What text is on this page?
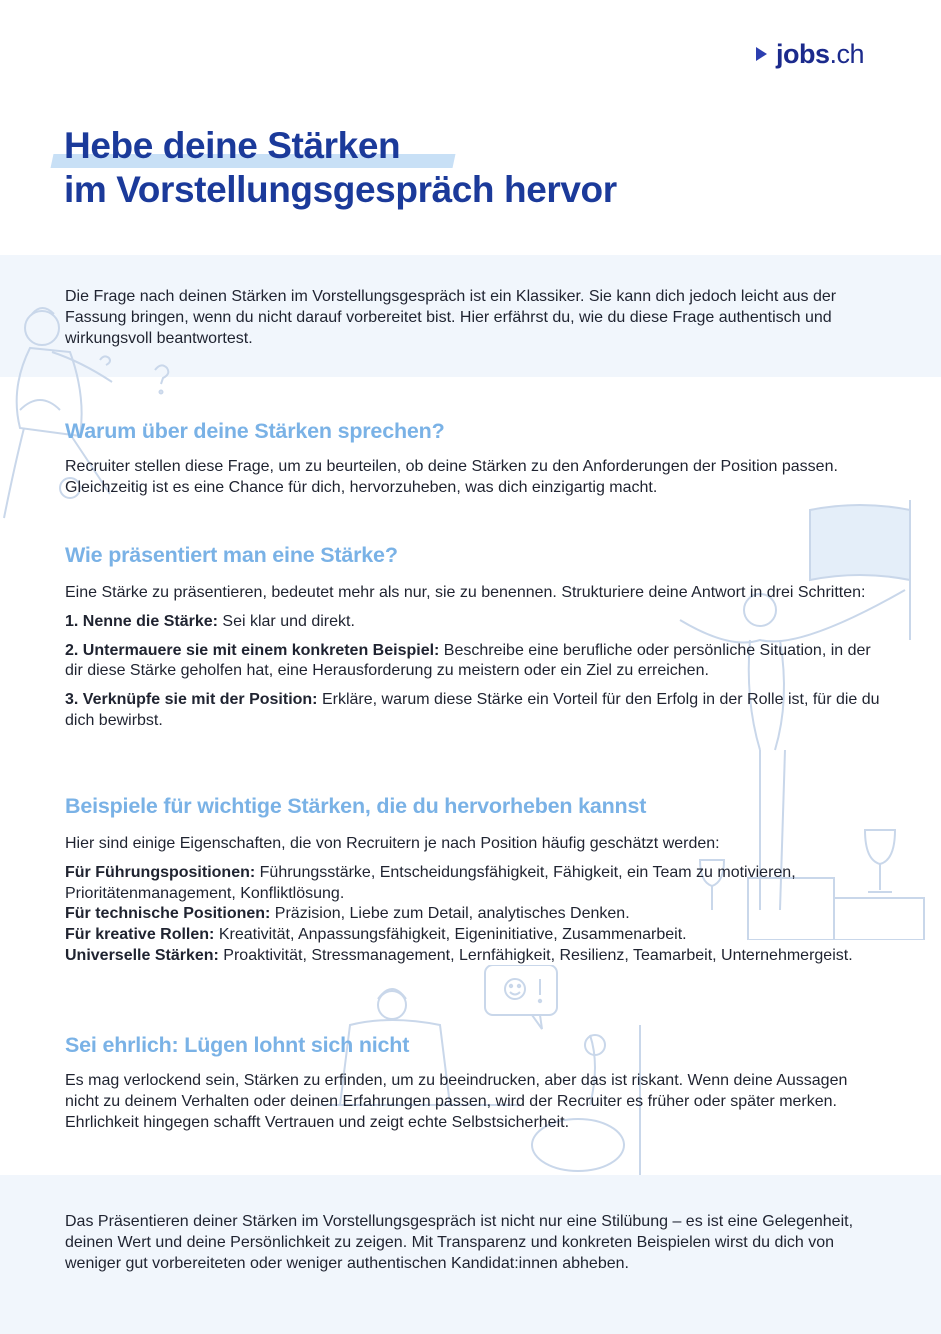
jobs.ch
Hebe deine Stärken
im Vorstellungsgespräch hervor

Die Frage nach deinen Stärken im Vorstellungsgespräch ist ein Klassiker. Sie kann dich jedoch leicht aus der Fassung bringen, wenn du nicht darauf vorbereitet bist. Hier erfährst du, wie du diese Frage authentisch und wirkungsvoll beantwortest.

Warum über deine Stärken sprechen?

Recruiter stellen diese Frage, um zu beurteilen, ob deine Stärken zu den Anforderungen der Position passen. Gleichzeitig ist es eine Chance für dich, hervorzuheben, was dich einzigartig macht.

Wie präsentiert man eine Stärke?

Eine Stärke zu präsentieren, bedeutet mehr als nur, sie zu benennen. Strukturiere deine Antwort in drei Schritten:

1. Nenne die Stärke: Sei klar und direkt.

2. Untermauere sie mit einem konkreten Beispiel: Beschreibe eine berufliche oder persönliche Situation, in der dir diese Stärke geholfen hat, eine Herausforderung zu meistern oder ein Ziel zu erreichen.

3. Verknüpfe sie mit der Position: Erkläre, warum diese Stärke ein Vorteil für den Erfolg in der Rolle ist, für die du dich bewirbst.

Beispiele für wichtige Stärken, die du hervorheben kannst

Hier sind einige Eigenschaften, die von Recruitern je nach Position häufig geschätzt werden:

Für Führungspositionen: Führungsstärke, Entscheidungsfähigkeit, Fähigkeit, ein Team zu motivieren, Prioritätenmanagement, Konfliktlösung.

Für technische Positionen: Präzision, Liebe zum Detail, analytisches Denken.

Für kreative Rollen: Kreativität, Anpassungsfähigkeit, Eigeninitiative, Zusammenarbeit.

Universelle Stärken: Proaktivität, Stressmanagement, Lernfähigkeit, Resilienz, Teamarbeit, Unternehmergeist.

Sei ehrlich: Lügen lohnt sich nicht

Es mag verlockend sein, Stärken zu erfinden, um zu beeindrucken, aber das ist riskant. Wenn deine Aussagen nicht zu deinem Verhalten oder deinen Erfahrungen passen, wird der Recruiter es früher oder später merken. Ehrlichkeit hingegen schafft Vertrauen und zeigt echte Selbstsicherheit.

Das Präsentieren deiner Stärken im Vorstellungsgespräch ist nicht nur eine Stilübung – es ist eine Gelegenheit, deinen Wert und deine Persönlichkeit zu zeigen. Mit Transparenz und konkreten Beispielen wirst du dich von weniger gut vorbereiteten oder weniger authentischen Kandidat:innen abheben.
